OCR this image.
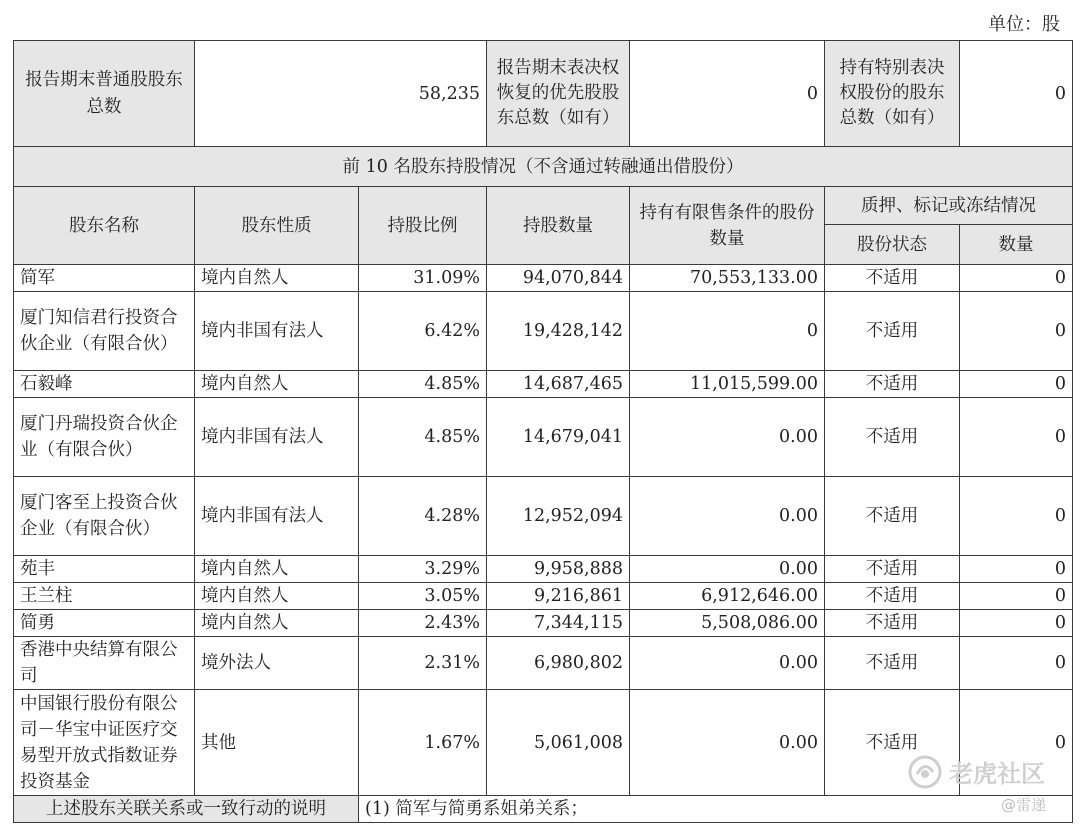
单位：股
报告期末普通股股东总数	58,235		报告期末表决权恢复的优先股股东总数（如有）	0	持有特别表决权股份的股东总数（如有）	0
前 10 名股东持股情况（不含通过转融通出借股份）						
股东名称	股东性质	持股比例	持股数量	持有有限售条件的股份数量	质押、标记或冻结情况	
					股份状态	数量
简军	境内自然人	31.09%	94,070,844	70,553,133.00	不适用	0
厦门知信君行投资合伙企业（有限合伙）	境内非国有法人	6.42%	19,428,142	0	不适用	0
石毅峰	境内自然人	4.85%	14,687,465	11,015,599.00	不适用	0
厦门丹瑞投资合伙企业（有限合伙）	境内非国有法人	4.85%	14,679,041	0.00	不适用	0
厦门客至上投资合伙企业（有限合伙）	境内非国有法人	4.28%	12,952,094	0.00	不适用	0
苑丰	境内自然人	3.29%	9,958,888	0.00	不适用	0
王兰柱	境内自然人	3.05%	9,216,861	6,912,646.00	不适用	0
简勇	境内自然人	2.43%	7,344,115	5,508,086.00	不适用	0
香港中央结算有限公司	境外法人	2.31%	6,980,802	0.00	不适用	0
中国银行股份有限公司－华宝中证医疗交易型开放式指数证券投资基金	其他	1.67%	5,061,008	0.00	不适用	0
上述股东关联关系或一致行动的说明		(1) 简军与简勇系姐弟关系；				
老虎社区
@雷递
